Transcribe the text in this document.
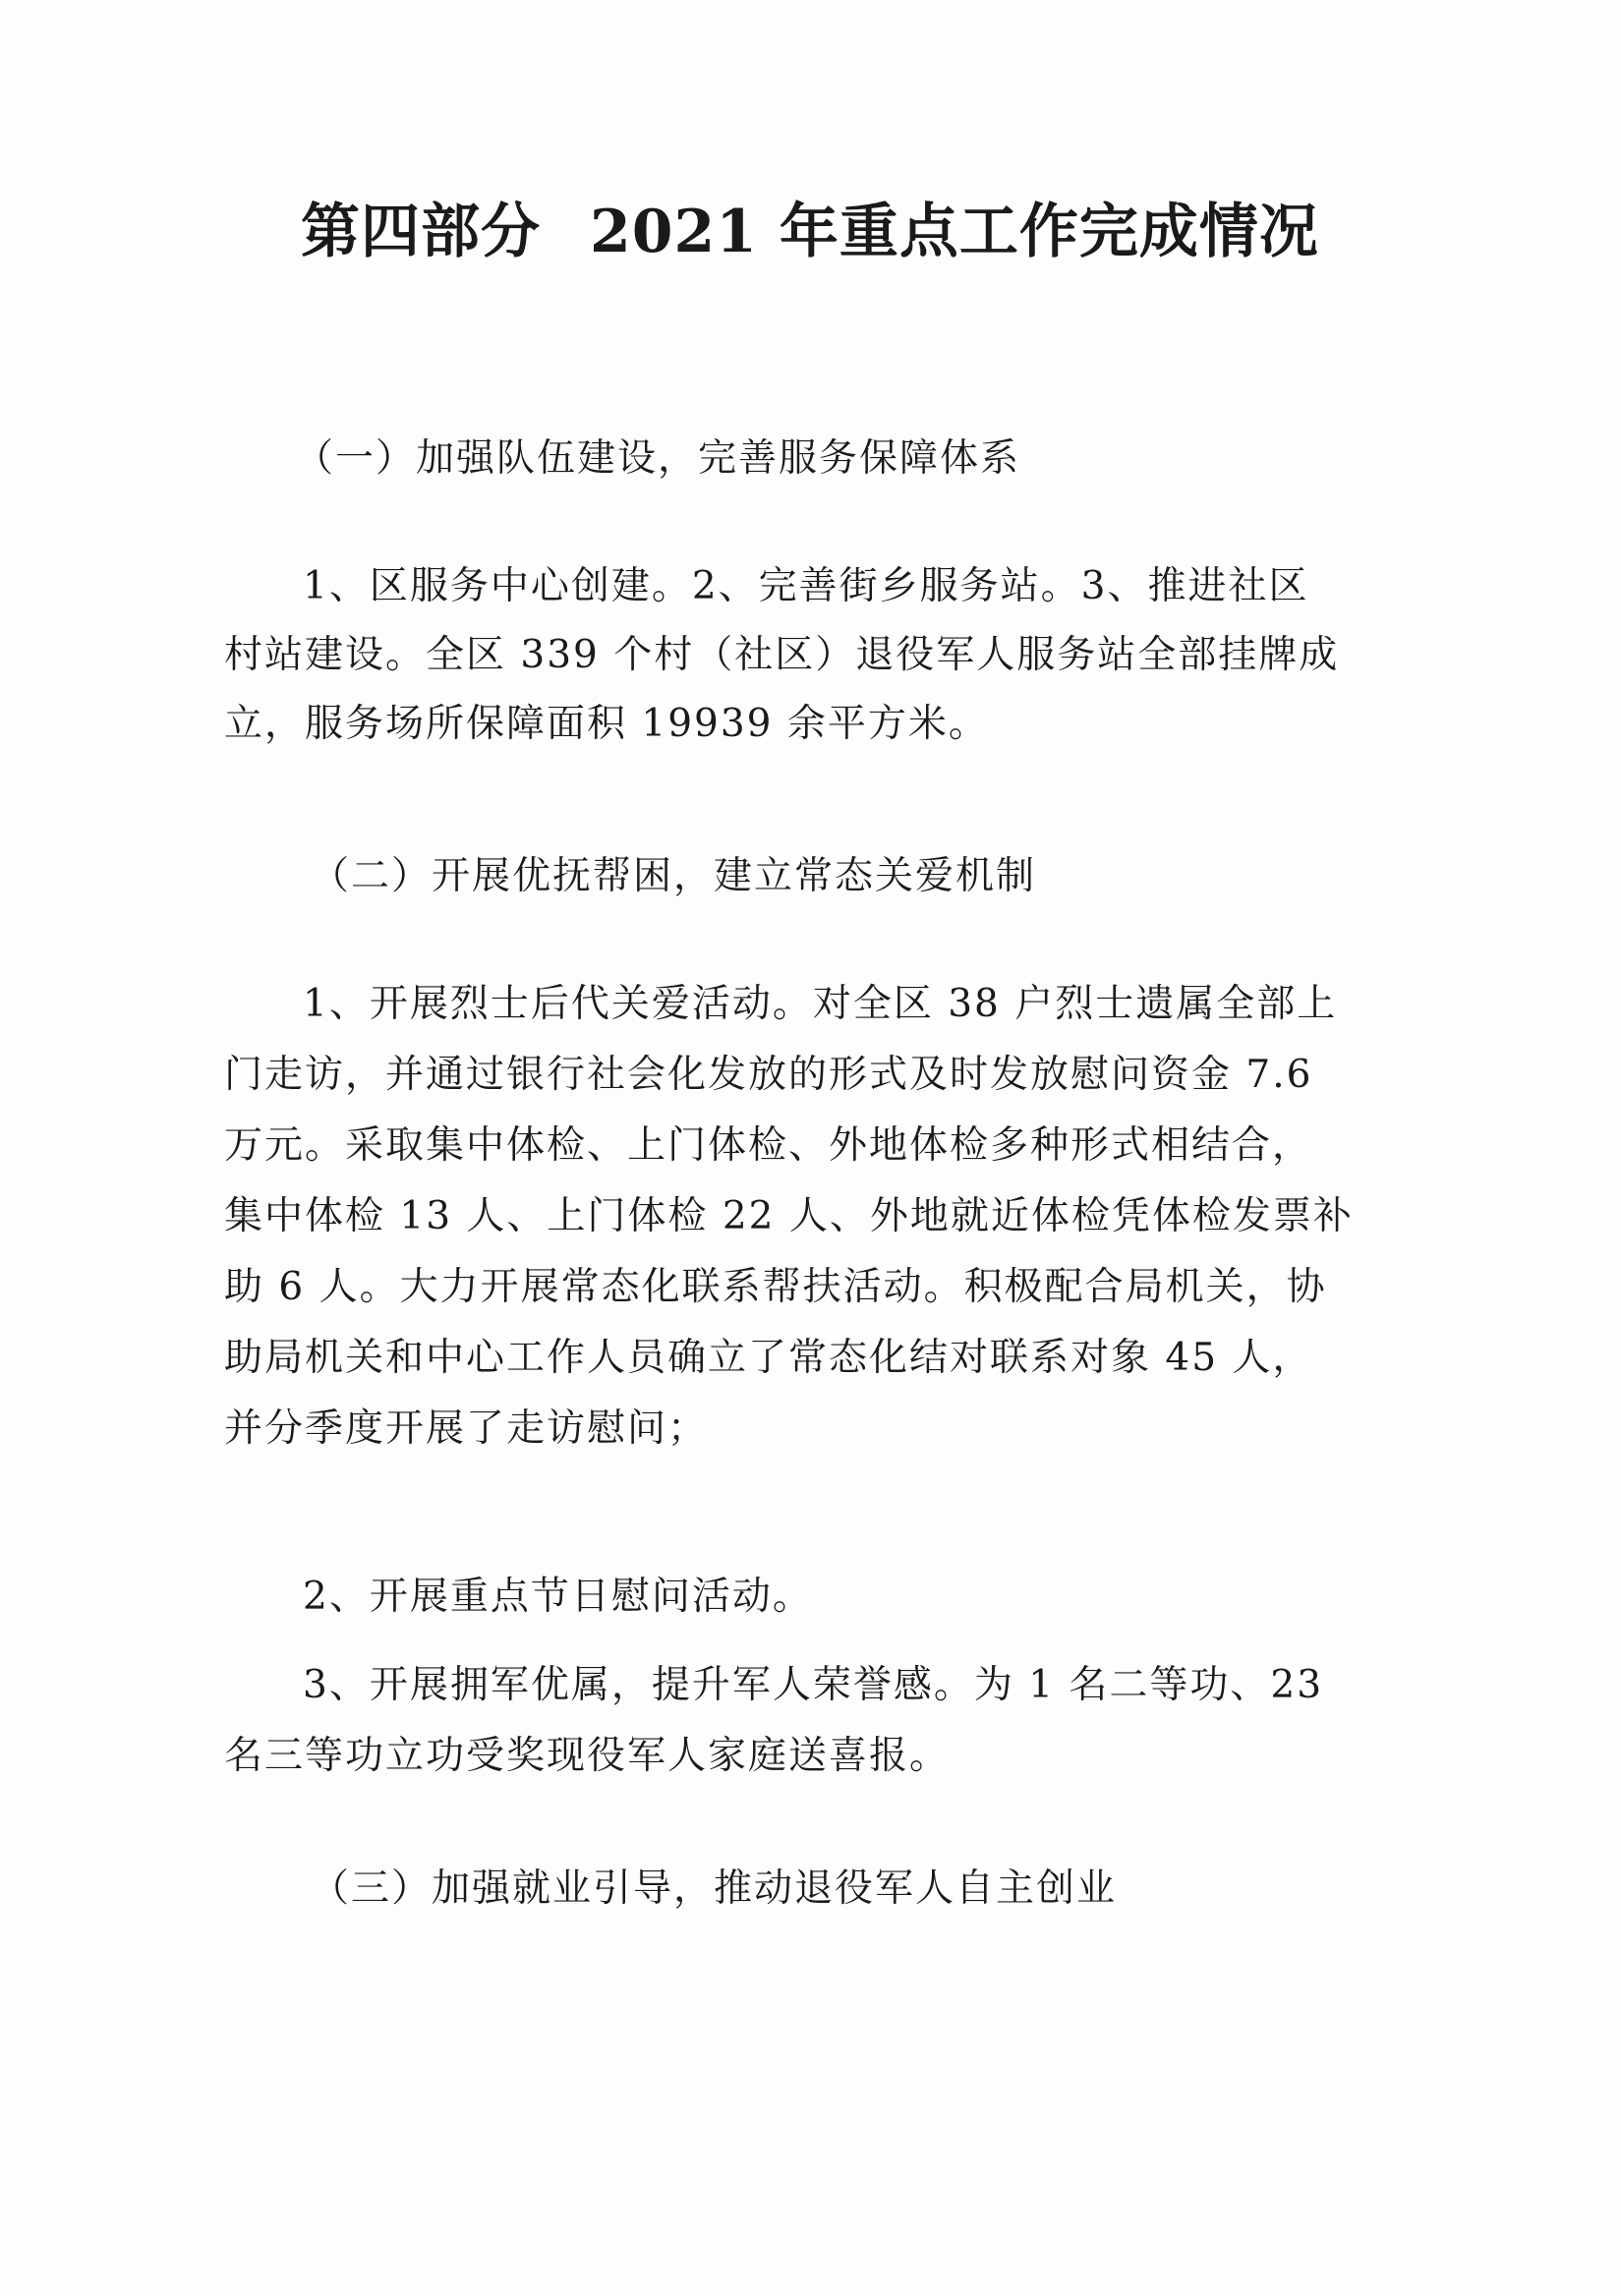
第四部分 2021 年重点工作完成情况
（一）加强队伍建设，完善服务保障体系
1、区服务中心创建。2、完善街乡服务站。3、推进社区
村站建设。全区 339 个村（社区）退役军人服务站全部挂牌成
立，服务场所保障面积 19939 余平方米。
（二）开展优抚帮困，建立常态关爱机制
1、开展烈士后代关爱活动。对全区 38 户烈士遗属全部上
门走访，并通过银行社会化发放的形式及时发放慰问资金 7.6
万元。采取集中体检、上门体检、外地体检多种形式相结合，
集中体检 13 人、上门体检 22 人、外地就近体检凭体检发票补
助 6 人。大力开展常态化联系帮扶活动。积极配合局机关，协
助局机关和中心工作人员确立了常态化结对联系对象 45 人，
并分季度开展了走访慰问；
2、开展重点节日慰问活动。
3、开展拥军优属，提升军人荣誉感。为 1 名二等功、23
名三等功立功受奖现役军人家庭送喜报。
（三）加强就业引导，推动退役军人自主创业
